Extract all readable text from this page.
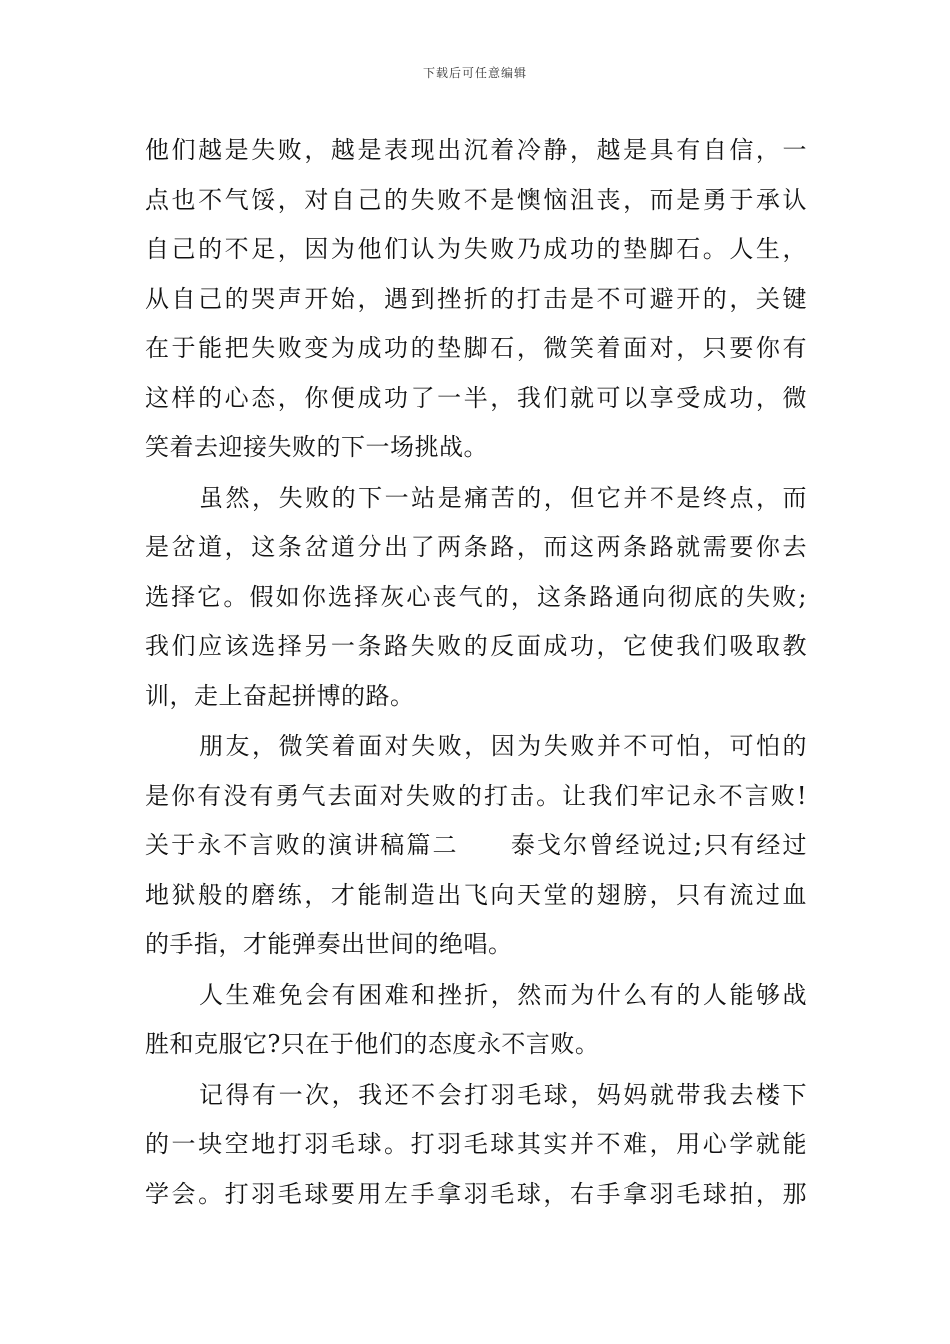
下载后可任意编辑
他们越是失败，越是表现出沉着冷静，越是具有自信，一
点也不气馁，对自己的失败不是懊恼沮丧，而是勇于承认
自己的不足，因为他们认为失败乃成功的垫脚石。人生，
从自己的哭声开始，遇到挫折的打击是不可避开的，关键
在于能把失败变为成功的垫脚石，微笑着面对，只要你有
这样的心态，你便成功了一半，我们就可以享受成功，微
笑着去迎接失败的下一场挑战。
虽然，失败的下一站是痛苦的，但它并不是终点，而
是岔道，这条岔道分出了两条路，而这两条路就需要你去
选择它。假如你选择灰心丧气的，这条路通向彻底的失败;
我们应该选择另一条路失败的反面成功，它使我们吸取教
训，走上奋起拼博的路。
朋友，微笑着面对失败，因为失败并不可怕，可怕的
是你有没有勇气去面对失败的打击。让我们牢记永不言败!
关于永不言败的演讲稿篇二　　泰戈尔曾经说过;只有经过
地狱般的磨练，才能制造出飞向天堂的翅膀，只有流过血
的手指，才能弹奏出世间的绝唱。
人生难免会有困难和挫折，然而为什么有的人能够战
胜和克服它?只在于他们的态度永不言败。
记得有一次，我还不会打羽毛球，妈妈就带我去楼下
的一块空地打羽毛球。打羽毛球其实并不难，用心学就能
学会。打羽毛球要用左手拿羽毛球，右手拿羽毛球拍，那
